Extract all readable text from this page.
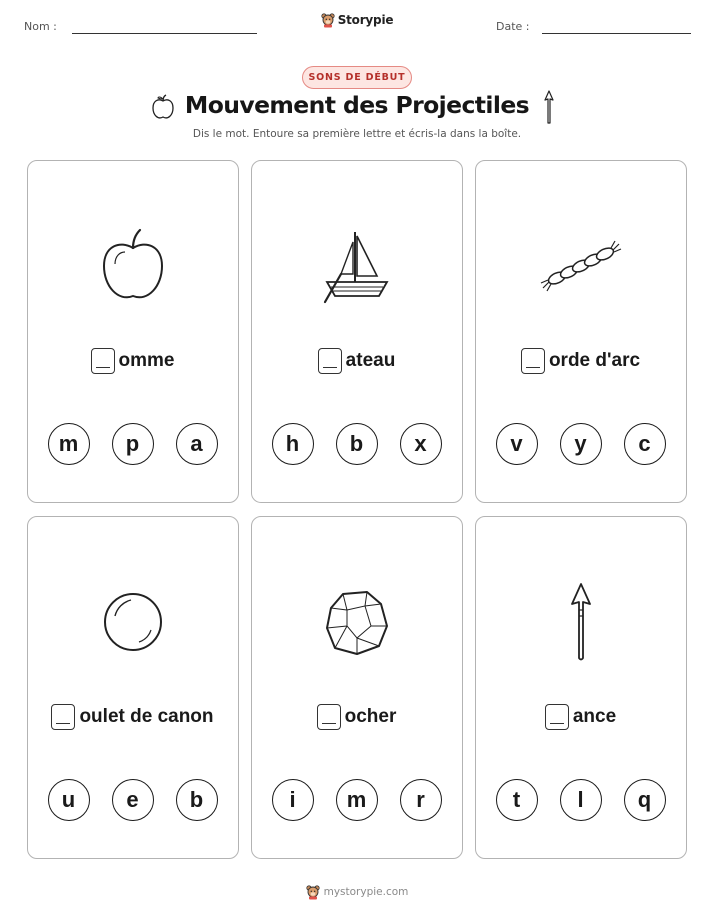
Nom :	Storypie	Date :
SONS DE DÉBUT
Mouvement des Projectiles
Dis le mot. Entoure sa première lettre et écris-la dans la boîte.
omme
m	p	a
ateau
h	b	x
orde d'arc
v	y	c
oulet de canon
u	e	b
ocher
i	m	r
ance
t	l	q
mystorypie.com
